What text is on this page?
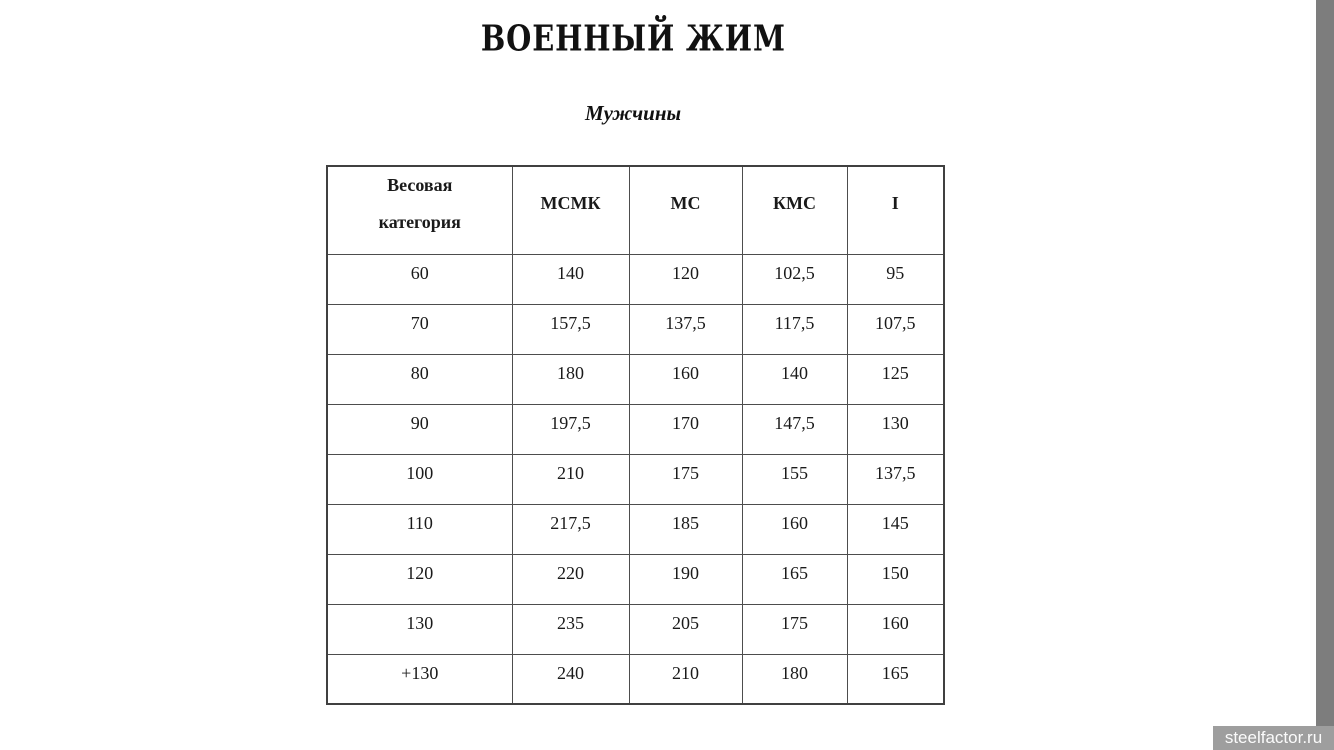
ВОЕННЫЙ ЖИМ
Мужчины
Весовая
категория	МСМК	МС	КМС	I
60	140	120	102,5	95
70	157,5	137,5	117,5	107,5
80	180	160	140	125
90	197,5	170	147,5	130
100	210	175	155	137,5
110	217,5	185	160	145
120	220	190	165	150
130	235	205	175	160
+130	240	210	180	165
steelfactor.ru
